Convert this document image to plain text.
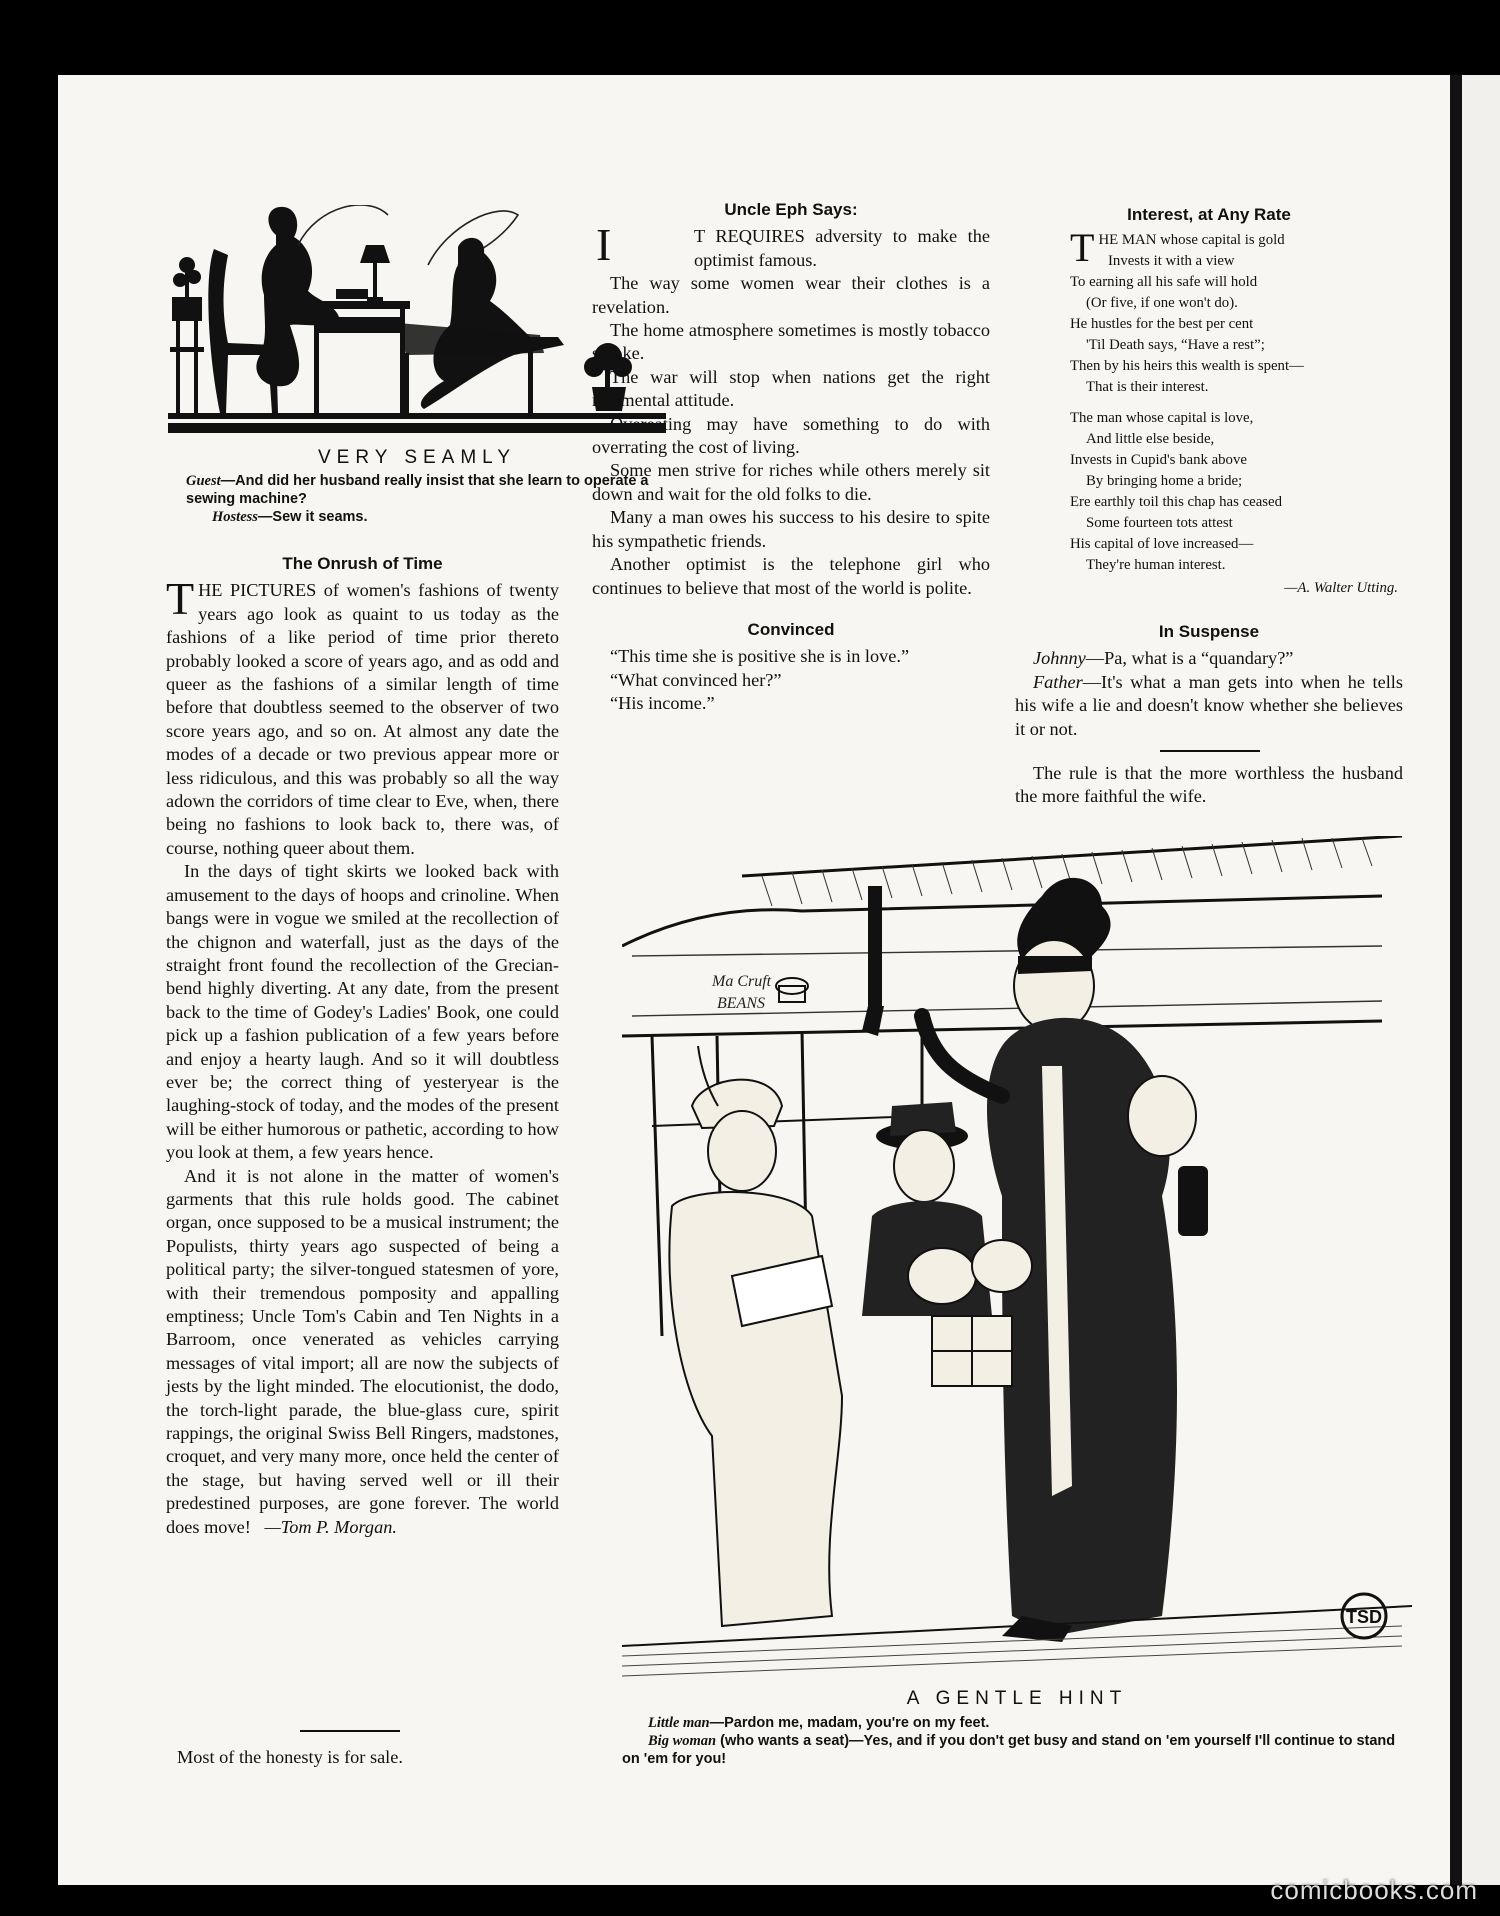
VERY SEAMLY
Guest—And did her husband really insist that she learn to operate a sewing machine?
Hostess—Sew it seams.
The Onrush of Time

THE PICTURES of women's fashions of twenty years ago look as quaint to us today as the fashions of a like period of time prior thereto probably looked a score of years ago, and as odd and queer as the fashions of a similar length of time before that doubtless seemed to the observer of two score years ago, and so on. At almost any date the modes of a decade or two previous appear more or less ridiculous, and this was probably so all the way adown the corridors of time clear to Eve, when, there being no fashions to look back to, there was, of course, nothing queer about them.

In the days of tight skirts we looked back with amusement to the days of hoops and crinoline. When bangs were in vogue we smiled at the recollection of the chignon and waterfall, just as the days of the straight front found the recollection of the Grecian-bend highly diverting. At any date, from the present back to the time of Godey's Ladies' Book, one could pick up a fashion publication of a few years before and enjoy a hearty laugh. And so it will doubtless ever be; the correct thing of yesteryear is the laughing-stock of today, and the modes of the present will be either humorous or pathetic, according to how you look at them, a few years hence.

And it is not alone in the matter of women's garments that this rule holds good. The cabinet organ, once supposed to be a musical instrument; the Populists, thirty years ago suspected of being a political party; the silver-tongued statesmen of yore, with their tremendous pomposity and appalling emptiness; Uncle Tom's Cabin and Ten Nights in a Barroom, once venerated as vehicles carrying messages of vital import; all are now the subjects of jests by the light minded. The elocutionist, the dodo, the torch-light parade, the blue-glass cure, spirit rappings, the original Swiss Bell Ringers, madstones, croquet, and very many more, once held the center of the stage, but having served well or ill their predestined purposes, are gone forever. The world does move! —Tom P. Morgan.

Most of the honesty is for sale.

Uncle Eph Says:

I	T REQUIRES adversity to make the optimist famous.

The way some women wear their clothes is a revelation.

The home atmosphere sometimes is mostly tobacco smoke.

The war will stop when nations get the right regimental attitude.

Overeating may have something to do with overrating the cost of living.

Some men strive for riches while others merely sit down and wait for the old folks to die.

Many a man owes his success to his desire to spite his sympathetic friends.

Another optimist is the telephone girl who continues to believe that most of the world is polite.

Convinced

“This time she is positive she is in love.”

“What convinced her?”

“His income.”

Interest, at Any Rate
THE MAN whose capital is gold
Invests it with a view
To earning all his safe will hold
(Or five, if one won't do).
He hustles for the best per cent
'Til Death says, “Have a rest”;
Then by his heirs this wealth is spent—
That is their interest.
The man whose capital is love,
And little else beside,
Invests in Cupid's bank above
By bringing home a bride;
Ere earthly toil this chap has ceased
Some fourteen tots attest
His capital of love increased—
They're human interest.
—A. Walter Utting.
In Suspense

Johnny—Pa, what is a “quandary?”

Father—It's what a man gets into when he tells his wife a lie and doesn't know whether she believes it or not.

The rule is that the more worthless the husband the more faithful the wife.

Ma Cruft
BEANS
TSD
A GENTLE HINT
Little man—Pardon me, madam, you're on my feet.
Big woman (who wants a seat)—Yes, and if you don't get busy and stand on 'em yourself I'll continue to stand on 'em for you!
comicbooks.com
